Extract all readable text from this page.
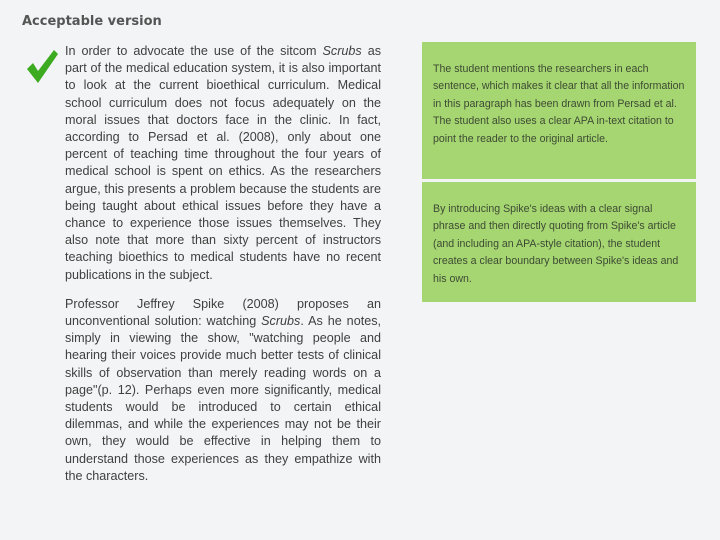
Acceptable version

In order to advocate the use of the sitcom Scrubs as part of the medical education system, it is also important to look at the current bioethical curriculum. Medical school curriculum does not focus adequately on the moral issues that doctors face in the clinic. In fact, according to Persad et al. (2008), only about one percent of teaching time throughout the four years of medical school is spent on ethics. As the researchers argue, this presents a problem because the students are being taught about ethical issues before they have a chance to experience those issues themselves. They also note that more than sixty percent of instructors teaching bioethics to medical students have no recent publications in the subject.

Professor Jeffrey Spike (2008) proposes an unconventional solution: watching Scrubs. As he notes, simply in viewing the show, "watching people and hearing their voices provide much better tests of clinical skills of observation than merely reading words on a page"(p. 12). Perhaps even more significantly, medical students would be introduced to certain ethical dilemmas, and while the experiences may not be their own, they would be effective in helping them to understand those experiences as they empathize with the characters.

The student mentions the researchers in each sentence, which makes it clear that all the information in this paragraph has been drawn from Persad et al. The student also uses a clear APA in-text citation to point the reader to the original article.
By introducing Spike's ideas with a clear signal phrase and then directly quoting from Spike's article (and including an APA-style citation), the student creates a clear boundary between Spike's ideas and his own.
